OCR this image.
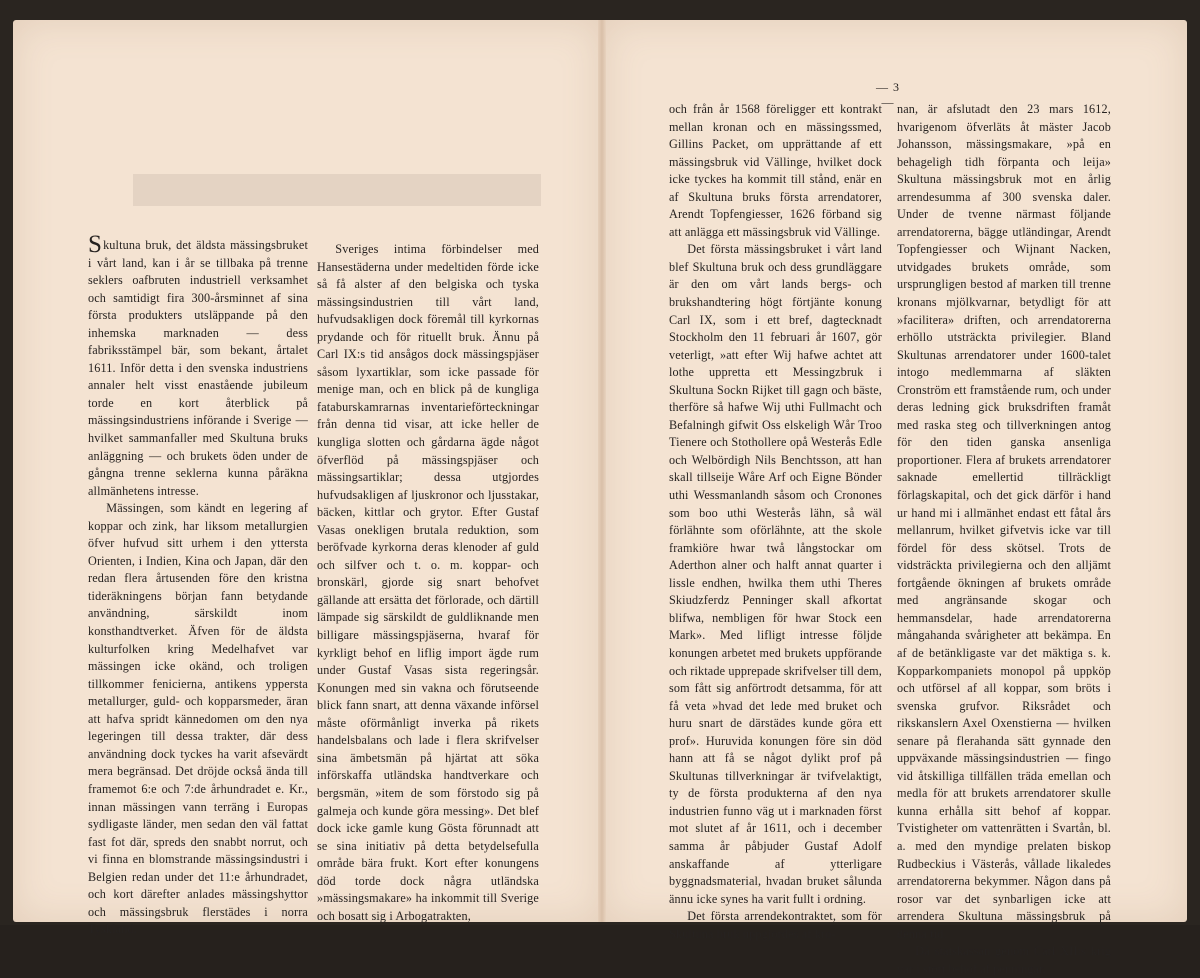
Skultuna bruk, det äldsta mässingsbruket i vårt land, kan i år se tillbaka på trenne seklers oafbruten industriell verksamhet och samtidigt fira 300-årsminnet af sina första produkters utsläppande på den inhemska marknaden — dess fabriksstämpel bär, som bekant, årtalet 1611. Inför detta i den svenska industriens annaler helt visst enastående jubileum torde en kort återblick på mässingsindustriens införande i Sverige — hvilket sammanfaller med Skultuna bruks anläggning — och brukets öden under de gångna trenne seklerna kunna påräkna allmänhetens intresse.

Mässingen, som kändt en legering af koppar och zink, har liksom metallurgien öfver hufvud sitt urhem i den yttersta Orienten, i Indien, Kina och Japan, där den redan flera årtusenden före den kristna tideräkningens början fann betydande användning, särskildt inom konsthandtverket. Äfven för de äldsta kulturfolken kring Medelhafvet var mässingen icke okänd, och troligen tillkommer fenicierna, antikens yppersta metallurger, guld- och kopparsmeder, äran att hafva spridt kännedomen om den nya legeringen till dessa trakter, där dess användning dock tyckes ha varit afsevärdt mera begränsad. Det dröjde också ända till framemot 6:e och 7:de århundradet e. Kr., innan mässingen vann terräng i Europas sydligaste länder, men sedan den väl fattat fast fot där, spreds den snabbt norrut, och vi finna en blomstrande mässingsindustri i Belgien redan under det 11:e århundradet, och kort därefter anlades mässingshyttor och mässingsbruk flerstädes i norra Tyskland.

Sveriges intima förbindelser med Hansestäderna under medeltiden förde icke så få alster af den belgiska och tyska mässingsindustrien till vårt land, hufvudsakligen dock föremål till kyrkornas prydande och för rituellt bruk. Ännu på Carl IX:s tid ansågos dock mässingspjäser såsom lyxartiklar, som icke passade för menige man, och en blick på de kungliga fataburskamrarnas inventarieförteckningar från denna tid visar, att icke heller de kungliga slotten och gårdarna ägde något öfverflöd på mässingspjäser och mässingsartiklar; dessa utgjordes hufvudsakligen af ljuskronor och ljusstakar, bäcken, kittlar och grytor. Efter Gustaf Vasas onekligen brutala reduktion, som beröfvade kyrkorna deras klenoder af guld och silfver och t. o. m. koppar- och bronskärl, gjorde sig snart behofvet gällande att ersätta det förlorade, och därtill lämpade sig särskildt de guldliknande men billigare mässingspjäserna, hvaraf för kyrkligt behof en liflig import ägde rum under Gustaf Vasas sista regeringsår. Konungen med sin vakna och förutseende blick fann snart, att denna växande införsel måste oförmånligt inverka på rikets handelsbalans och lade i flera skrifvelser sina ämbetsmän på hjärtat att söka införskaffa utländska handtverkare och bergsmän, »item de som förstodo sig på galmeja och kunde göra messing». Det blef dock icke gamle kung Gösta förunnadt att se sina initiativ på detta betydelsefulla område bära frukt. Kort efter konungens död torde dock några utländska »mässingsmakare» ha inkommit till Sverige och bosatt sig i Arbogatrakten,

— 3 —

och från år 1568 föreligger ett kontrakt mellan kronan och en mässingssmed, Gillins Packet, om upprättande af ett mässingsbruk vid Vällinge, hvilket dock icke tyckes ha kommit till stånd, enär en af Skultuna bruks första arrendatorer, Arendt Topfengiesser, 1626 förband sig att anlägga ett mässingsbruk vid Vällinge.

Det första mässingsbruket i vårt land blef Skultuna bruk och dess grundläggare är den om vårt lands bergs- och brukshandtering högt förtjänte konung Carl IX, som i ett bref, dagtecknadt Stockholm den 11 februari år 1607, gör veterligt, »att efter Wij hafwe achtet att lothe uppretta ett Messingzbruk i Skultuna Sockn Rijket till gagn och bäste, therföre så hafwe Wij uthi Fullmacht och Befalningh gifwit Oss elskeligh Wår Troo Tienere och Stothollere opå Westerås Edle och Welbördigh Nils Benchtsson, att han skall tillseije Wåre Arf och Eigne Bönder uthi Wessmanlandh såsom och Cronones som boo uthi Westerås lähn, så wäl förlähnte som oförlähnte, att the skole framkiöre hwar twå långstockar om Aderthon alner och halft annat quarter i lissle endhen, hwilka them uthi Theres Skiudzferdz Penninger skall afkortat blifwa, nembligen för hwar Stock een Mark». Med lifligt intresse följde konungen arbetet med brukets uppförande och riktade upprepade skrifvelser till dem, som fått sig anförtrodt detsamma, för att få veta »hvad det lede med bruket och huru snart de därstädes kunde göra ett prof». Huruvida konungen före sin död hann att få se något dylikt prof på Skultunas tillverkningar är tvifvelaktigt, ty de första produkterna af den nya industrien funno väg ut i marknaden först mot slutet af år 1611, och i december samma år påbjuder Gustaf Adolf anskaffande af ytterligare byggnadsmaterial, hvadan bruket sålunda ännu icke synes ha varit fullt i ordning.

Det första arrendekontraktet, som för Skultuna bruk uppgjordes af kro-

nan, är afslutadt den 23 mars 1612, hvarigenom öfverläts åt mäster Jacob Johansson, mässingsmakare, »på en behageligh tidh förpanta och leija» Skultuna mässingsbruk mot en årlig arrendesumma af 300 svenska daler. Under de tvenne närmast följande arrendatorerna, bägge utländingar, Arendt Topfengiesser och Wijnant Nacken, utvidgades brukets område, som ursprungligen bestod af marken till trenne kronans mjölkvarnar, betydligt för att »facilitera» driften, och arrendatorerna erhöllo utsträckta privilegier. Bland Skultunas arrendatorer under 1600-talet intogo medlemmarna af släkten Cronström ett framstående rum, och under deras ledning gick bruksdriften framåt med raska steg och tillverkningen antog för den tiden ganska ansenliga proportioner. Flera af brukets arrendatorer saknade emellertid tillräckligt förlagskapital, och det gick därför i hand ur hand mi i allmänhet endast ett fåtal års mellanrum, hvilket gifvetvis icke var till fördel för dess skötsel. Trots de vidsträckta privilegierna och den alljämt fortgående ökningen af brukets område med angränsande skogar och hemmansdelar, hade arrendatorerna mångahanda svårigheter att bekämpa. En af de betänkligaste var det mäktiga s. k. Kopparkompaniets monopol på uppköp och utförsel af all koppar, som bröts i svenska grufvor. Riksrådet och rikskanslern Axel Oxenstierna — hvilken senare på flerahanda sätt gynnade den uppväxande mässingsindustrien — fingo vid åtskilliga tillfällen träda emellan och medla för att brukets arrendatorer skulle kunna erhålla sitt behof af koppar. Tvistigheter om vattenrätten i Svartån, bl. a. med den myndige prelaten biskop Rudbeckius i Västerås, vållade likaledes arrendatorerna bekymmer. Någon dans på rosor var det synbarligen icke att arrendera Skultuna mässingsbruk på denna tid.

Då statskassan genom Carl XII:s krig var i stort behof af penningar,
